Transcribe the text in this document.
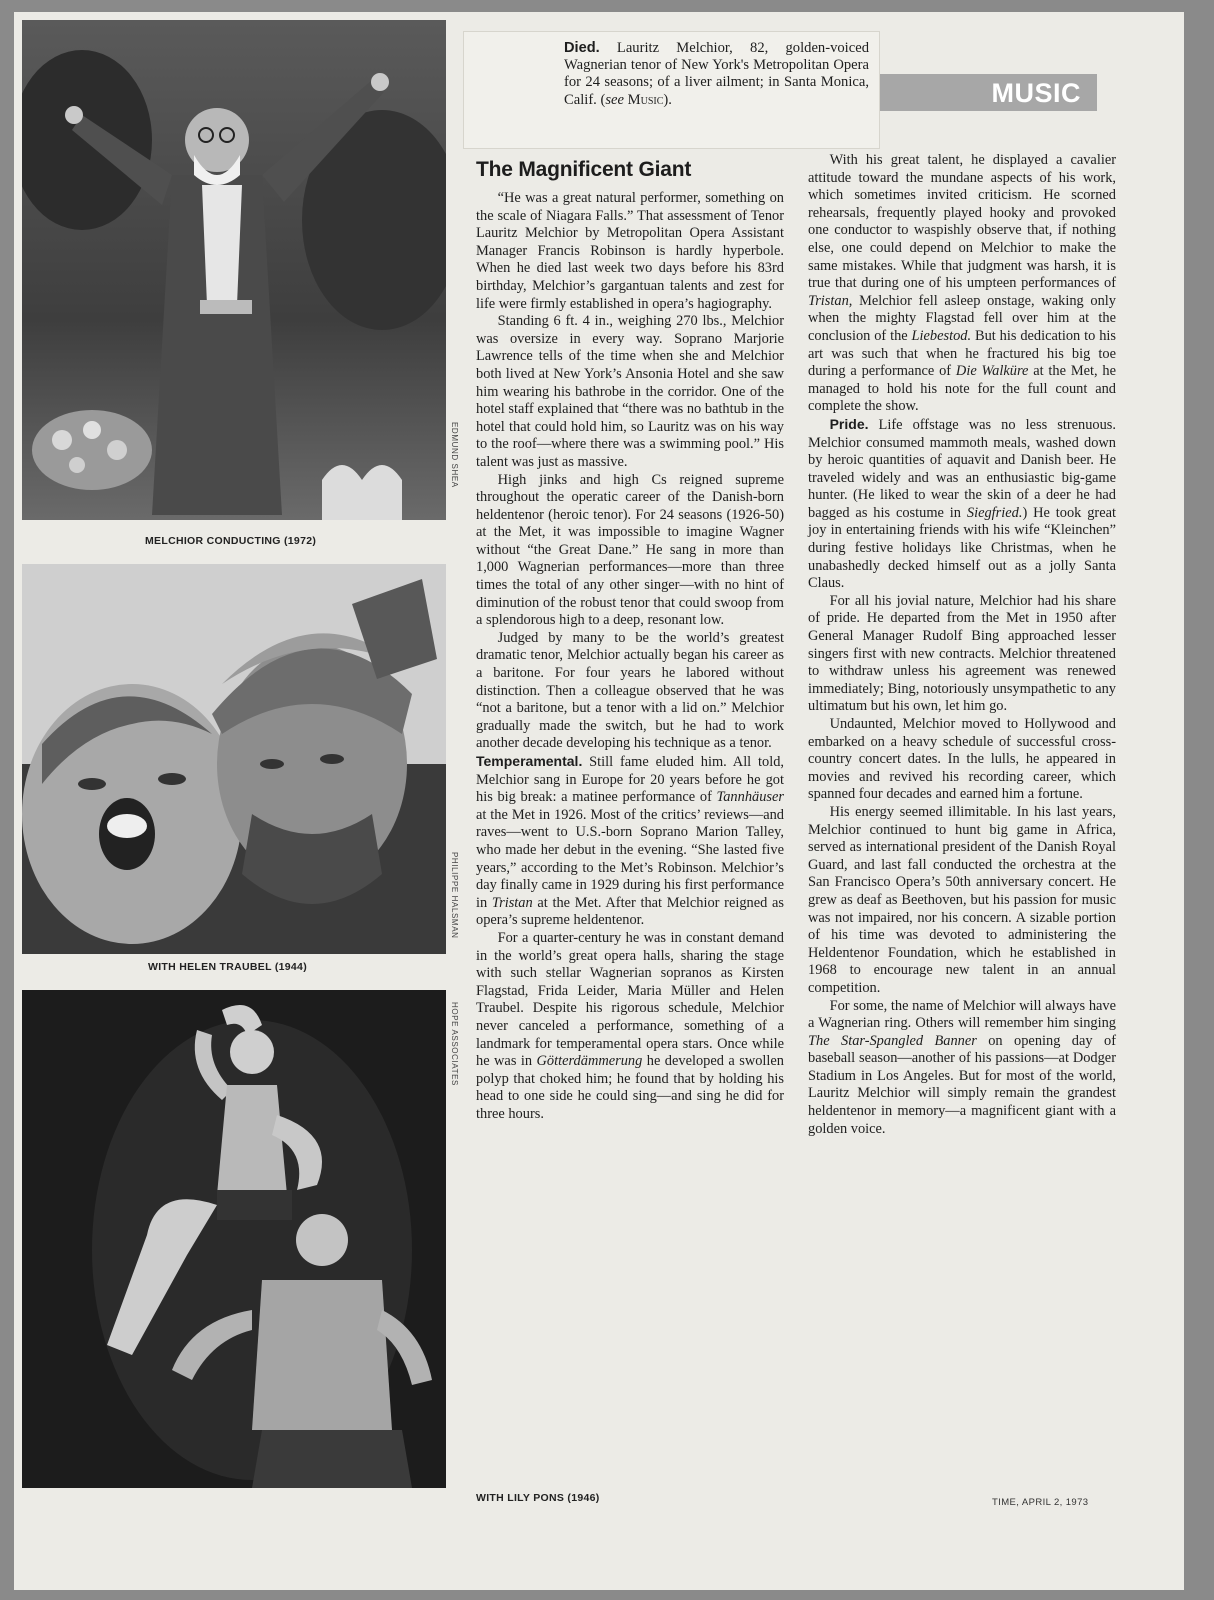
EDMUND SHEA
MELCHIOR CONDUCTING (1972)
PHILIPPE HALSMAN
WITH HELEN TRAUBEL (1944)
HOPE ASSOCIATES
WITH LILY PONS (1946)
MUSIC
Died. Lauritz Melchior, 82, golden-voiced Wagnerian tenor of New York's Metropolitan Opera for 24 seasons; of a liver ailment; in Santa Monica, Calif. (see Music).
The Magnificent Giant

“He was a great natural performer, something on the scale of Niagara Falls.” That assessment of Tenor Lauritz Melchior by Metropolitan Opera Assistant Manager Francis Robinson is hardly hyperbole. When he died last week two days before his 83rd birthday, Melchior’s gargantuan talents and zest for life were firmly established in opera’s hagiography.

Standing 6 ft. 4 in., weighing 270 lbs., Melchior was oversize in every way. Soprano Marjorie Lawrence tells of the time when she and Melchior both lived at New York’s Ansonia Hotel and she saw him wearing his bathrobe in the corridor. One of the hotel staff explained that “there was no bathtub in the hotel that could hold him, so Lauritz was on his way to the roof—where there was a swimming pool.” His talent was just as massive.

High jinks and high Cs reigned supreme throughout the operatic career of the Danish-born heldentenor (heroic tenor). For 24 seasons (1926-50) at the Met, it was impossible to imagine Wagner without “the Great Dane.” He sang in more than 1,000 Wagnerian performances—more than three times the total of any other singer—with no hint of diminution of the robust tenor that could swoop from a splendorous high to a deep, resonant low.

Judged by many to be the world’s greatest dramatic tenor, Melchior actually began his career as a baritone. For four years he labored without distinction. Then a colleague observed that he was “not a baritone, but a tenor with a lid on.” Melchior gradually made the switch, but he had to work another decade developing his technique as a tenor.

Temperamental. Still fame eluded him. All told, Melchior sang in Europe for 20 years before he got his big break: a matinee performance of Tannhäuser at the Met in 1926. Most of the critics’ reviews—and raves—went to U.S.-born Soprano Marion Talley, who made her debut in the evening. “She lasted five years,” according to the Met’s Robinson. Melchior’s day finally came in 1929 during his first performance in Tristan at the Met. After that Melchior reigned as opera’s supreme heldentenor.

For a quarter-century he was in constant demand in the world’s great opera halls, sharing the stage with such stellar Wagnerian sopranos as Kirsten Flagstad, Frida Leider, Maria Müller and Helen Traubel. Despite his rigorous schedule, Melchior never canceled a performance, something of a landmark for temperamental opera stars. Once while he was in Götterdämmerung he developed a swollen polyp that choked him; he found that by holding his head to one side he could sing—and sing he did for three hours.

With his great talent, he displayed a cavalier attitude toward the mundane aspects of his work, which sometimes invited criticism. He scorned rehearsals, frequently played hooky and provoked one conductor to waspishly observe that, if nothing else, one could depend on Melchior to make the same mistakes. While that judgment was harsh, it is true that during one of his umpteen performances of Tristan, Melchior fell asleep onstage, waking only when the mighty Flagstad fell over him at the conclusion of the Liebestod. But his dedication to his art was such that when he fractured his big toe during a performance of Die Walküre at the Met, he managed to hold his note for the full count and complete the show.

Pride. Life offstage was no less strenuous. Melchior consumed mammoth meals, washed down by heroic quantities of aquavit and Danish beer. He traveled widely and was an enthusiastic big-game hunter. (He liked to wear the skin of a deer he had bagged as his costume in Siegfried.) He took great joy in entertaining friends with his wife “Kleinchen” during festive holidays like Christmas, when he unabashedly decked himself out as a jolly Santa Claus.

For all his jovial nature, Melchior had his share of pride. He departed from the Met in 1950 after General Manager Rudolf Bing approached lesser singers first with new contracts. Melchior threatened to withdraw unless his agreement was renewed immediately; Bing, notoriously unsympathetic to any ultimatum but his own, let him go.

Undaunted, Melchior moved to Hollywood and embarked on a heavy schedule of successful cross-country concert dates. In the lulls, he appeared in movies and revived his recording career, which spanned four decades and earned him a fortune.

His energy seemed illimitable. In his last years, Melchior continued to hunt big game in Africa, served as international president of the Danish Royal Guard, and last fall conducted the orchestra at the San Francisco Opera’s 50th anniversary concert. He grew as deaf as Beethoven, but his passion for music was not impaired, nor his concern. A sizable portion of his time was devoted to administering the Heldentenor Foundation, which he established in 1968 to encourage new talent in an annual competition.

For some, the name of Melchior will always have a Wagnerian ring. Others will remember him singing The Star-Spangled Banner on opening day of baseball season—another of his passions—at Dodger Stadium in Los Angeles. But for most of the world, Lauritz Melchior will simply remain the grandest heldentenor in memory—a magnificent giant with a golden voice.

TIME, APRIL 2, 1973
